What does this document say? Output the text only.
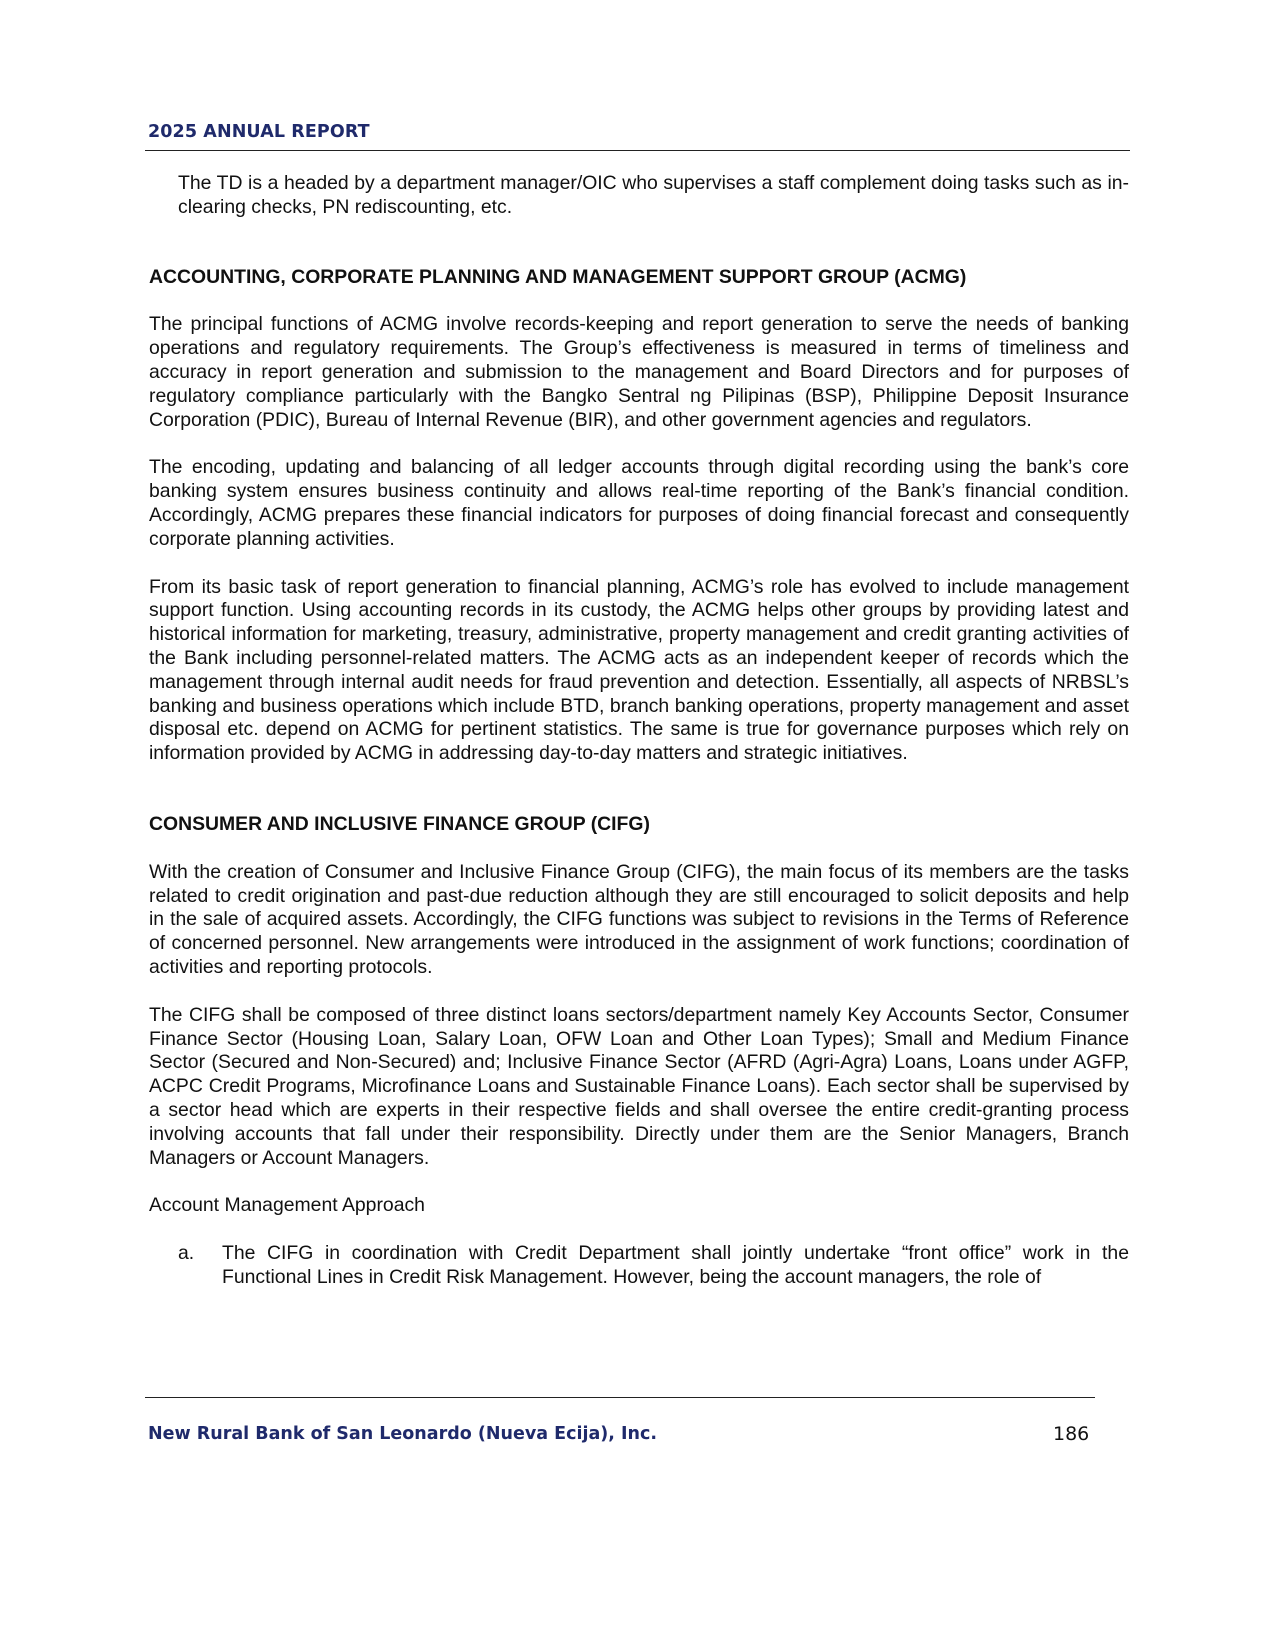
2025 ANNUAL REPORT

The TD is a headed by a department manager/OIC who supervises a staff complement doing tasks such as in-clearing checks, PN rediscounting, etc.

ACCOUNTING, CORPORATE PLANNING AND MANAGEMENT SUPPORT GROUP (ACMG)

The principal functions of ACMG involve records-keeping and report generation to serve the needs of banking operations and regulatory requirements. The Group’s effectiveness is measured in terms of timeliness and accuracy in report generation and submission to the management and Board Directors and for purposes of regulatory compliance particularly with the Bangko Sentral ng Pilipinas (BSP), Philippine Deposit Insurance Corporation (PDIC), Bureau of Internal Revenue (BIR), and other government agencies and regulators.

The encoding, updating and balancing of all ledger accounts through digital recording using the bank’s core banking system ensures business continuity and allows real-time reporting of the Bank’s financial condition. Accordingly, ACMG prepares these financial indicators for purposes of doing financial forecast and consequently corporate planning activities.

From its basic task of report generation to financial planning, ACMG’s role has evolved to include management support function. Using accounting records in its custody, the ACMG helps other groups by providing latest and historical information for marketing, treasury, administrative, property management and credit granting activities of the Bank including personnel-related matters. The ACMG acts as an independent keeper of records which the management through internal audit needs for fraud prevention and detection. Essentially, all aspects of NRBSL’s banking and business operations which include BTD, branch banking operations, property management and asset disposal etc. depend on ACMG for pertinent statistics. The same is true for governance purposes which rely on information provided by ACMG in addressing day-to-day matters and strategic initiatives.

CONSUMER AND INCLUSIVE FINANCE GROUP (CIFG)

With the creation of Consumer and Inclusive Finance Group (CIFG), the main focus of its members are the tasks related to credit origination and past-due reduction although they are still encouraged to solicit deposits and help in the sale of acquired assets. Accordingly, the CIFG functions was subject to revisions in the Terms of Reference of concerned personnel. New arrangements were introduced in the assignment of work functions; coordination of activities and reporting protocols.

The CIFG shall be composed of three distinct loans sectors/department namely Key Accounts Sector, Consumer Finance Sector (Housing Loan, Salary Loan, OFW Loan and Other Loan Types); Small and Medium Finance Sector (Secured and Non-Secured) and; Inclusive Finance Sector (AFRD (Agri-Agra) Loans, Loans under AGFP, ACPC Credit Programs, Microfinance Loans and Sustainable Finance Loans). Each sector shall be supervised by a sector head which are experts in their respective fields and shall oversee the entire credit-granting process involving accounts that fall under their responsibility. Directly under them are the Senior Managers, Branch Managers or Account Managers.

Account Management Approach

a.	The CIFG in coordination with Credit Department shall jointly undertake “front office” work in the Functional Lines in Credit Risk Management. However, being the account managers, the role of
New Rural Bank of San Leonardo (Nueva Ecija), Inc.	186
